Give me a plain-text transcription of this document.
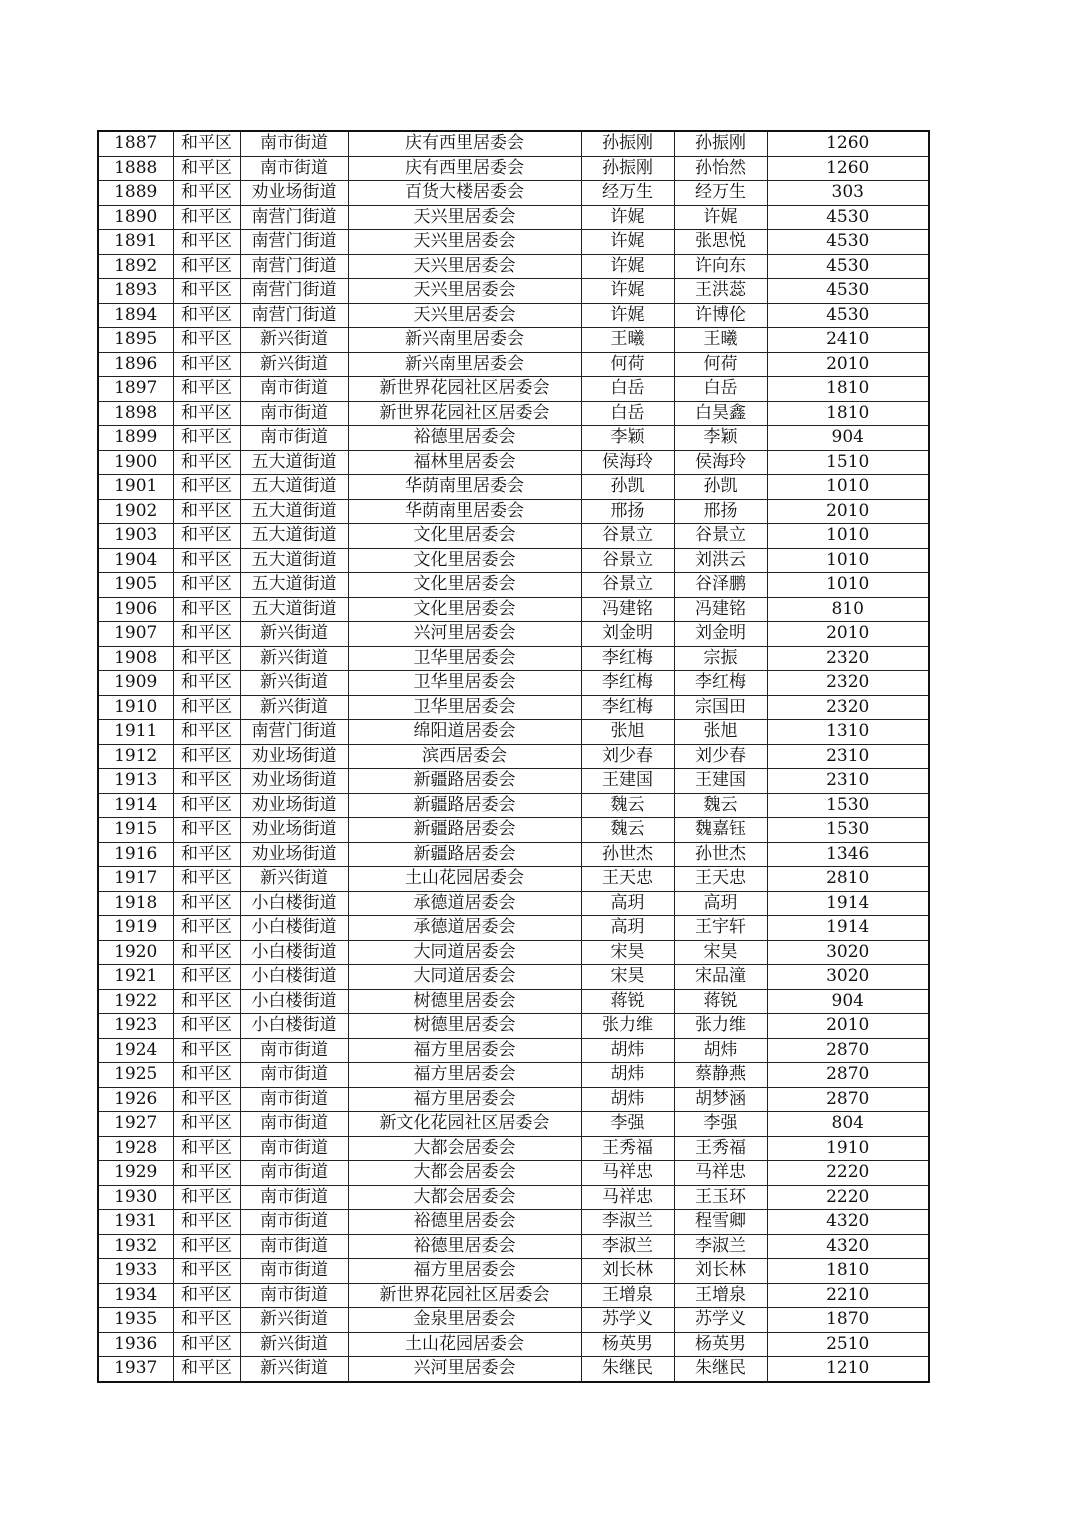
1887	和平区	南市街道	庆有西里居委会	孙振刚	孙振刚	1260
1888	和平区	南市街道	庆有西里居委会	孙振刚	孙怡然	1260
1889	和平区	劝业场街道	百货大楼居委会	经万生	经万生	303
1890	和平区	南营门街道	天兴里居委会	许娓	许娓	4530
1891	和平区	南营门街道	天兴里居委会	许娓	张思悦	4530
1892	和平区	南营门街道	天兴里居委会	许娓	许向东	4530
1893	和平区	南营门街道	天兴里居委会	许娓	王洪蕊	4530
1894	和平区	南营门街道	天兴里居委会	许娓	许博伦	4530
1895	和平区	新兴街道	新兴南里居委会	王曦	王曦	2410
1896	和平区	新兴街道	新兴南里居委会	何荷	何荷	2010
1897	和平区	南市街道	新世界花园社区居委会	白岳	白岳	1810
1898	和平区	南市街道	新世界花园社区居委会	白岳	白昊鑫	1810
1899	和平区	南市街道	裕德里居委会	李颖	李颖	904
1900	和平区	五大道街道	福林里居委会	侯海玲	侯海玲	1510
1901	和平区	五大道街道	华荫南里居委会	孙凯	孙凯	1010
1902	和平区	五大道街道	华荫南里居委会	邢扬	邢扬	2010
1903	和平区	五大道街道	文化里居委会	谷景立	谷景立	1010
1904	和平区	五大道街道	文化里居委会	谷景立	刘洪云	1010
1905	和平区	五大道街道	文化里居委会	谷景立	谷泽鹏	1010
1906	和平区	五大道街道	文化里居委会	冯建铭	冯建铭	810
1907	和平区	新兴街道	兴河里居委会	刘金明	刘金明	2010
1908	和平区	新兴街道	卫华里居委会	李红梅	宗振	2320
1909	和平区	新兴街道	卫华里居委会	李红梅	李红梅	2320
1910	和平区	新兴街道	卫华里居委会	李红梅	宗国田	2320
1911	和平区	南营门街道	绵阳道居委会	张旭	张旭	1310
1912	和平区	劝业场街道	滨西居委会	刘少春	刘少春	2310
1913	和平区	劝业场街道	新疆路居委会	王建国	王建国	2310
1914	和平区	劝业场街道	新疆路居委会	魏云	魏云	1530
1915	和平区	劝业场街道	新疆路居委会	魏云	魏嘉钰	1530
1916	和平区	劝业场街道	新疆路居委会	孙世杰	孙世杰	1346
1917	和平区	新兴街道	土山花园居委会	王天忠	王天忠	2810
1918	和平区	小白楼街道	承德道居委会	高玥	高玥	1914
1919	和平区	小白楼街道	承德道居委会	高玥	王宇轩	1914
1920	和平区	小白楼街道	大同道居委会	宋昊	宋昊	3020
1921	和平区	小白楼街道	大同道居委会	宋昊	宋品潼	3020
1922	和平区	小白楼街道	树德里居委会	蒋锐	蒋锐	904
1923	和平区	小白楼街道	树德里居委会	张力维	张力维	2010
1924	和平区	南市街道	福方里居委会	胡炜	胡炜	2870
1925	和平区	南市街道	福方里居委会	胡炜	蔡静燕	2870
1926	和平区	南市街道	福方里居委会	胡炜	胡梦涵	2870
1927	和平区	南市街道	新文化花园社区居委会	李强	李强	804
1928	和平区	南市街道	大都会居委会	王秀福	王秀福	1910
1929	和平区	南市街道	大都会居委会	马祥忠	马祥忠	2220
1930	和平区	南市街道	大都会居委会	马祥忠	王玉环	2220
1931	和平区	南市街道	裕德里居委会	李淑兰	程雪卿	4320
1932	和平区	南市街道	裕德里居委会	李淑兰	李淑兰	4320
1933	和平区	南市街道	福方里居委会	刘长林	刘长林	1810
1934	和平区	南市街道	新世界花园社区居委会	王增泉	王增泉	2210
1935	和平区	新兴街道	金泉里居委会	苏学义	苏学义	1870
1936	和平区	新兴街道	土山花园居委会	杨英男	杨英男	2510
1937	和平区	新兴街道	兴河里居委会	朱继民	朱继民	1210
